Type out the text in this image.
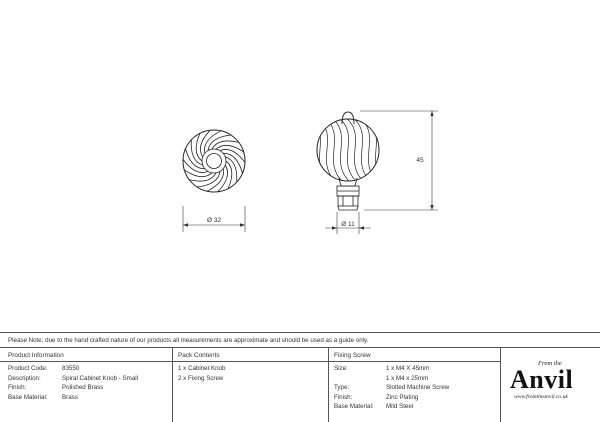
Ø 32
Ø 11
45
Please Note, due to the hand crafted nature of our products all measurements are approximate and should be used as a guide only.
Product Information	Pack Contents	Fixing Screw
Product Code: 83550
Description:	Spiral Cabinet Knob - Small
Finish:	Polished Brass
Base Material: Brass
1 x Cabinet Knob
2 x Fixing Screw
Size:	1 x M4 X 45mm
1 x M4 x 25mm
Type:	Slotted Machine Screw
Finish:	Zinc Plating
Base Material: Mild Steel
From the
Anvil
www.fromtheanvil.co.uk
